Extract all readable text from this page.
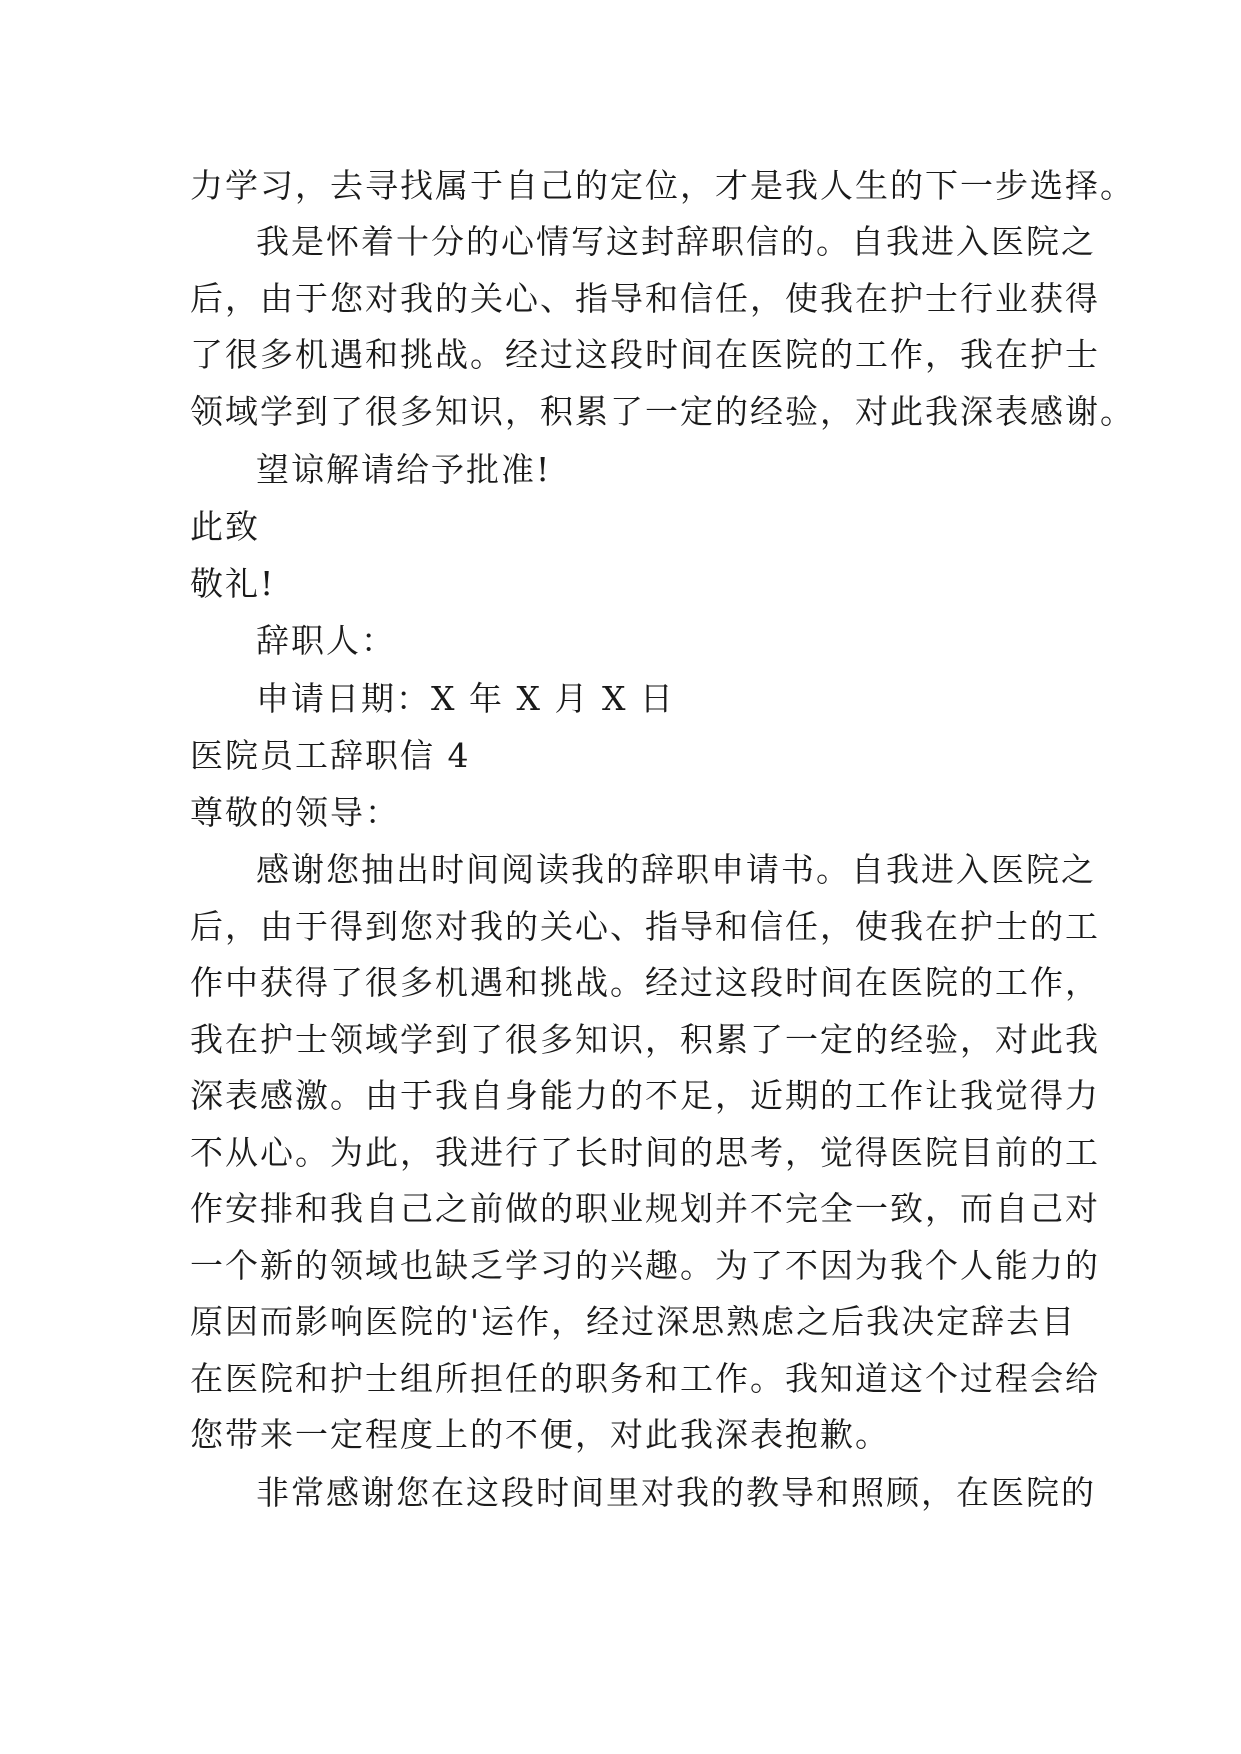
力学习，去寻找属于自己的定位，才是我人生的下一步选择。
我是怀着十分的心情写这封辞职信的。自我进入医院之
后，由于您对我的关心、指导和信任，使我在护士行业获得
了很多机遇和挑战。经过这段时间在医院的工作，我在护士
领域学到了很多知识，积累了一定的经验，对此我深表感谢。
望谅解请给予批准!
此致
敬礼!
辞职人：
申请日期：X 年 X 月 X 日
医院员工辞职信 4
尊敬的领导：
感谢您抽出时间阅读我的辞职申请书。自我进入医院之
后，由于得到您对我的关心、指导和信任，使我在护士的工
作中获得了很多机遇和挑战。经过这段时间在医院的工作，
我在护士领域学到了很多知识，积累了一定的经验，对此我
深表感激。由于我自身能力的不足，近期的工作让我觉得力
不从心。为此，我进行了长时间的思考，觉得医院目前的工
作安排和我自己之前做的职业规划并不完全一致，而自己对
一个新的领域也缺乏学习的兴趣。为了不因为我个人能力的
原因而影响医院的'运作，经过深思熟虑之后我决定辞去目
在医院和护士组所担任的职务和工作。我知道这个过程会给
您带来一定程度上的不便，对此我深表抱歉。
非常感谢您在这段时间里对我的教导和照顾，在医院的
